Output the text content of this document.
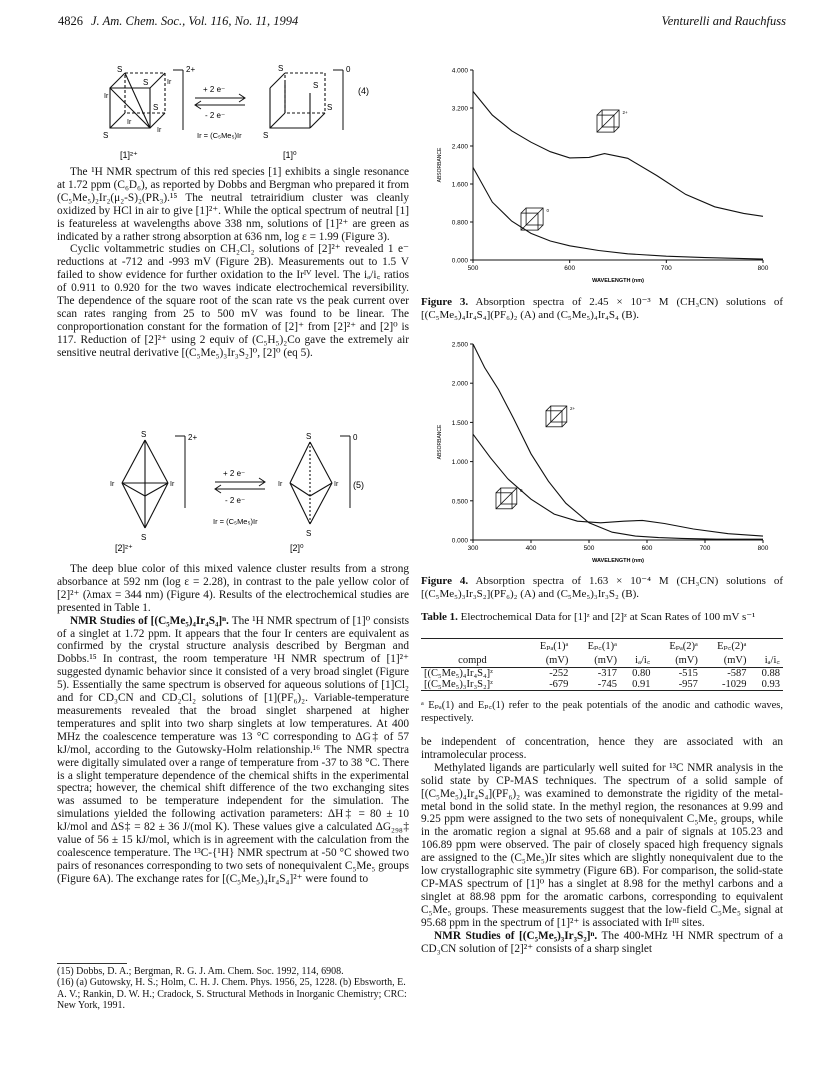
4826 J. Am. Chem. Soc., Vol. 116, No. 11, 1994	Venturelli and Rauchfuss
S
S
S
S
Ir
Ir
Ir
Ir
2+
+ 2 e⁻
- 2 e⁻
Ir = (C₅Me₅)Ir
S
S
S
S
0
(4)
[1]²⁺	[1]⁰

The ¹H NMR spectrum of this red species [1] exhibits a single resonance at 1.72 ppm (C₆D₆), as reported by Dobbs and Bergman who prepared it from (C₅Me₅)₂Ir₂(μ₂-S)₂(PR₃).¹⁵ The neutral tetrairidium cluster was cleanly oxidized by HCl in air to give [1]²⁺. While the optical spectrum of neutral [1] is featureless at wavelengths above 338 nm, solutions of [1]²⁺ are green as indicated by a rather strong absorption at 636 nm, log ε = 1.99 (Figure 3).

Cyclic voltammetric studies on CH₂Cl₂ solutions of [2]²⁺ revealed 1 e⁻ reductions at -712 and -993 mV (Figure 2B). Measurements out to 1.5 V failed to show evidence for further oxidation to the Irᴵⱽ level. The iₐ/i꜀ ratios of 0.911 to 0.920 for the two waves indicate electrochemical reversibility. The dependence of the square root of the scan rate vs the peak current over scan rates ranging from 25 to 500 mV was found to be linear. The conproportionation constant for the formation of [2]⁺ from [2]²⁺ and [2]⁰ is 117. Reduction of [2]²⁺ using 2 equiv of (C₅H₅)₂Co gave the extremely air sensitive neutral derivative [(C₅Me₅)₃Ir₃S₂]⁰, [2]⁰ (eq 5).

S
S
Ir	Ir
2+
+ 2 e⁻
- 2 e⁻
Ir = (C₅Me₅)Ir
S
S
Ir	Ir
0
(5)
[2]²⁺	[2]⁰

The deep blue color of this mixed valence cluster results from a strong absorbance at 592 nm (log ε = 2.28), in contrast to the pale yellow color of [2]²⁺ (λmax = 344 nm) (Figure 4). Results of the electrochemical studies are presented in Table 1.

NMR Studies of [(C₅Me₅)₄Ir₄S₄]ⁿ. The ¹H NMR spectrum of [1]⁰ consists of a singlet at 1.72 ppm. It appears that the four Ir centers are equivalent as confirmed by the crystal structure analysis described by Bergman and Dobbs.¹⁵ In contrast, the room temperature ¹H NMR spectrum of [1]²⁺ suggested dynamic behavior since it consisted of a very broad singlet (Figure 5). Essentially the same spectrum is observed for aqueous solutions of [1]Cl₂ and for CD₃CN and CD₂Cl₂ solutions of [1](PF₆)₂. Variable-temperature measurements revealed that the broad singlet sharpened at higher temperatures and split into two sharp singlets at low temperatures. At 400 MHz the coalescence temperature was 13 °C corresponding to ΔG‡ of 57 kJ/mol, according to the Gutowsky-Holm relationship.¹⁶ The NMR spectra were digitally simulated over a range of temperature from -37 to 38 °C. There is a slight temperature dependence of the chemical shifts in the experimental spectra; however, the chemical shift difference of the two exchanging sites was assumed to be temperature independent for the simulation. The simulations yielded the following activation parameters: ΔH‡ = 80 ± 10 kJ/mol and ΔS‡ = 82 ± 36 J/(mol K). These values give a calculated ΔG₂₉₈‡ value of 56 ± 15 kJ/mol, which is in agreement with the calculation from the coalescence temperature. The ¹³C-{¹H} NMR spectrum at -50 °C showed two pairs of resonances corresponding to two sets of nonequivalent C₅Me₅ groups (Figure 6A). The exchange rates for [(C₅Me₅)₄Ir₄S₄]²⁺ were found to

(15) Dobbs, D. A.; Bergman, R. G. J. Am. Chem. Soc. 1992, 114, 6908.
(16) (a) Gutowsky, H. S.; Holm, C. H. J. Chem. Phys. 1956, 25, 1228. (b) Ebsworth, E. A. V.; Rankin, D. W. H.; Cradock, S. Structural Methods in Inorganic Chemistry; CRC: New York, 1991.
0.000
0.800
1.600
2.400
3.200
4.000
500	600	700	800
WAVELENGTH (nm)
ABSORBANCE
2+
0
Figure 3. Absorption spectra of 2.45 × 10⁻³ M (CH₃CN) solutions of [(C₅Me₅)₄Ir₄S₄](PF₆)₂ (A) and (C₅Me₅)₄Ir₄S₄ (B).
0.000
0.500
1.000
1.500
2.000
2.500
300	400	500	600	700	800
WAVELENGTH (nm)
ABSORBANCE
2+
0
Figure 4. Absorption spectra of 1.63 × 10⁻⁴ M (CH₃CN) solutions of [(C₅Me₅)₃Ir₃S₂](PF₆)₂ (A) and (C₅Me₅)₃Ir₃S₂ (B).
Table 1. Electrochemical Data for [1]ᶻ and [2]ᶻ at Scan Rates of 100 mV s⁻¹
	Eₚₐ(1)ᵃ	Eₚ꜀(1)ᵃ		Eₚₐ(2)ᵃ	Eₚ꜀(2)ᵃ	
compd	(mV)	(mV)	iₐ/i꜀	(mV)	(mV)	iₐ/i꜀
[(C₅Me₅)₄Ir₄S₄]ᶻ	-252	-317	0.80	-515	-587	0.88
[(C₅Me₅)₃Ir₃S₂]ᶻ	-679	-745	0.91	-957	-1029	0.93
ᵃ Eₚₐ(1) and Eₚ꜀(1) refer to the peak potentials of the anodic and cathodic waves, respectively.

be independent of concentration, hence they are associated with an intramolecular process.

Methylated ligands are particularly well suited for ¹³C NMR analysis in the solid state by CP-MAS techniques. The spectrum of a solid sample of [(C₅Me₅)₄Ir₄S₄](PF₆)₂ was examined to demonstrate the rigidity of the metal-metal bond in the solid state. In the methyl region, the resonances at 9.99 and 9.25 ppm were assigned to the two sets of nonequivalent C₅Me₅ groups, while in the aromatic region a signal at 95.68 and a pair of signals at 105.23 and 106.89 ppm were observed. The pair of closely spaced high frequency signals are assigned to the (C₅Me₅)Ir sites which are slightly nonequivalent due to the low crystallographic site symmetry (Figure 6B). For comparison, the solid-state CP-MAS spectrum of [1]⁰ has a singlet at 8.98 for the methyl carbons and a singlet at 88.98 ppm for the aromatic carbons, corresponding to equivalent C₅Me₅ groups. These measurements suggest that the low-field C₅Me₅ signal at 95.68 ppm in the spectrum of [1]²⁺ is associated with Irᴵᴵᴵ sites.

NMR Studies of [(C₅Me₅)₃Ir₃S₂]ⁿ. The 400-MHz ¹H NMR spectrum of a CD₃CN solution of [2]²⁺ consists of a sharp singlet
